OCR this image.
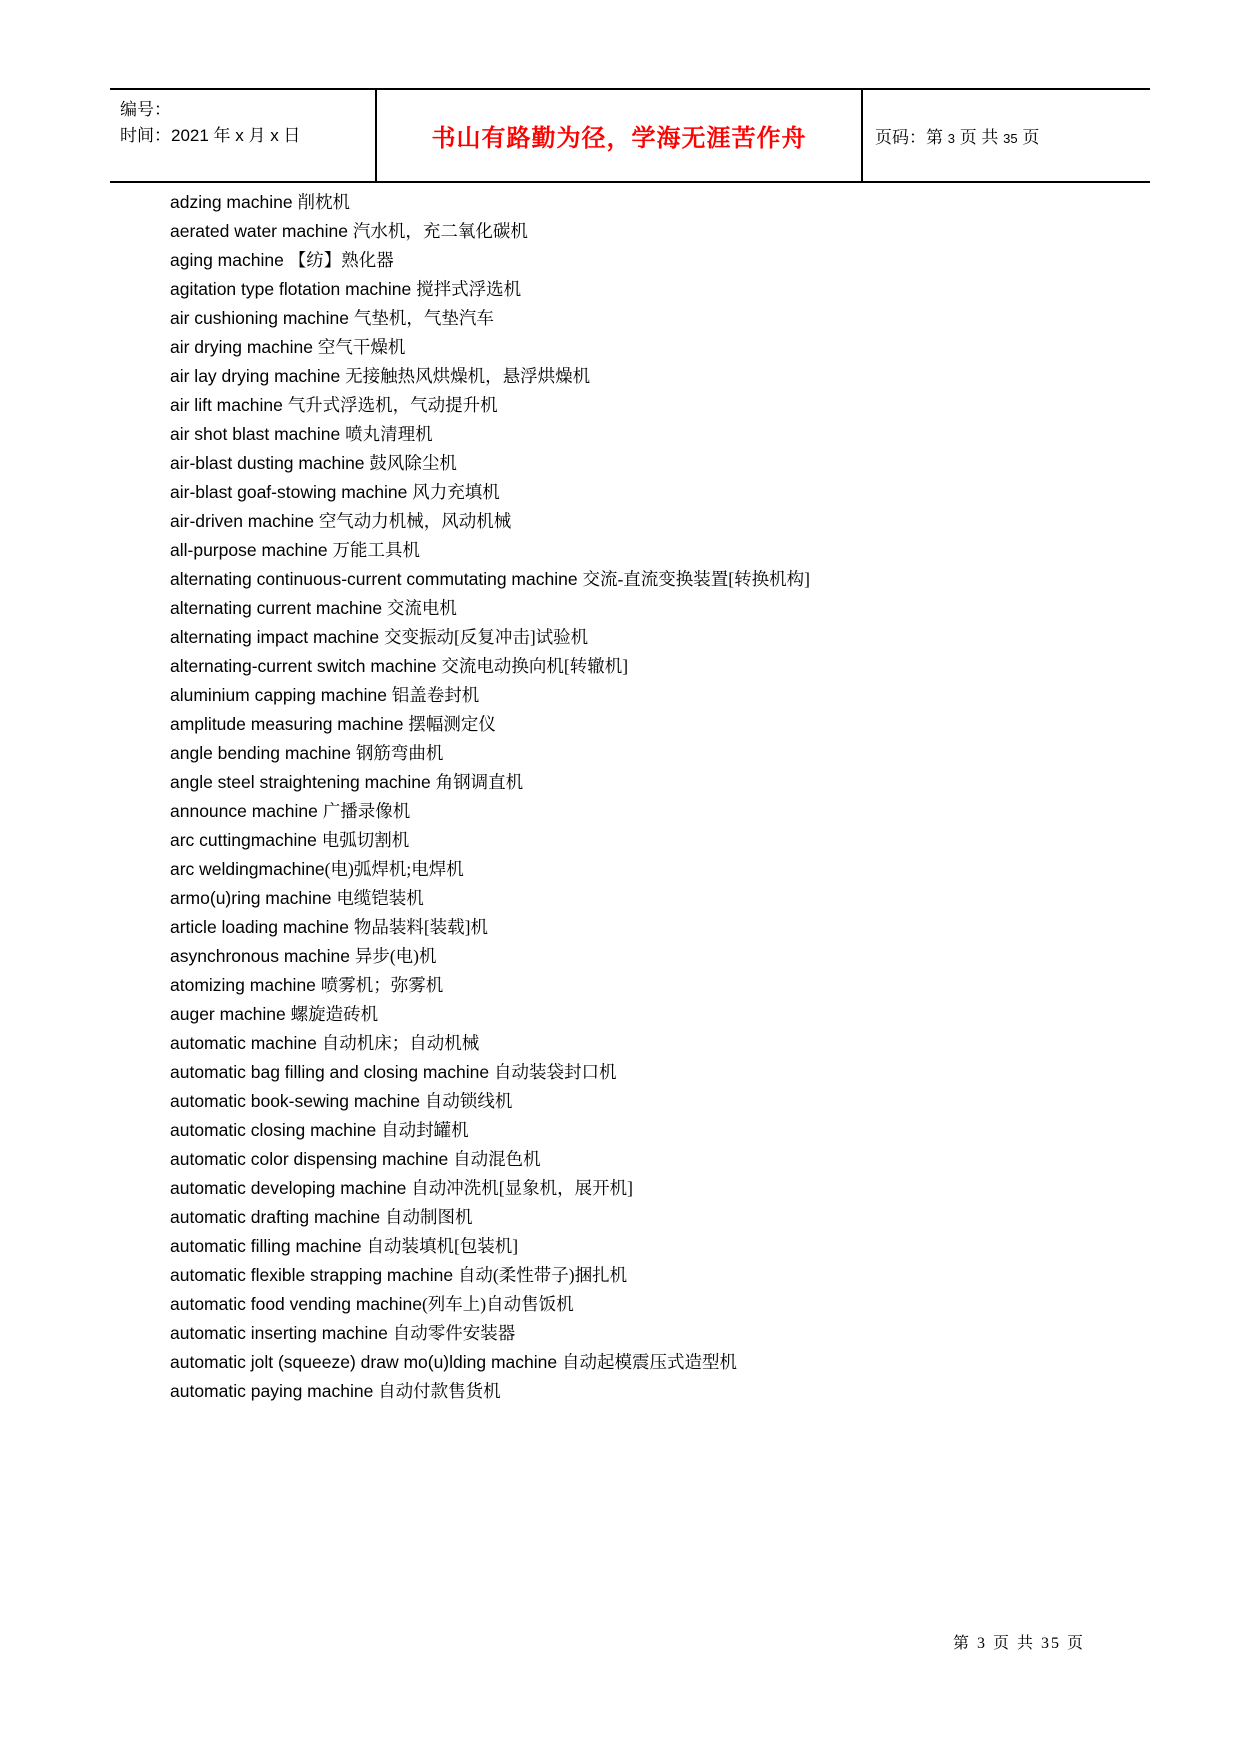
编号：
时间：2021 年 x 月 x 日	书山有路勤为径，学海无涯苦作舟	页码：第 3 页 共 35 页
adzing machine 削枕机
aerated water machine 汽水机，充二氧化碳机
aging machine 【纺】熟化器
agitation type flotation machine 搅拌式浮选机
air cushioning machine 气垫机，气垫汽车
air drying machine 空气干燥机
air lay drying machine 无接触热风烘燥机，悬浮烘燥机
air lift machine 气升式浮选机，气动提升机
air shot blast machine 喷丸清理机
air-blast dusting machine 鼓风除尘机
air-blast goaf-stowing machine 风力充填机
air-driven machine 空气动力机械，风动机械
all-purpose machine 万能工具机
alternating continuous-current commutating machine 交流-直流变换装置[转换机构]
alternating current machine 交流电机
alternating impact machine 交变振动[反复冲击]试验机
alternating-current switch machine 交流电动换向机[转辙机]
aluminium capping machine 铝盖卷封机
amplitude measuring machine 摆幅测定仪
angle bending machine 钢筋弯曲机
angle steel straightening machine 角钢调直机
announce machine 广播录像机
arc cuttingmachine 电弧切割机
arc weldingmachine(电)弧焊机;电焊机
armo(u)ring machine 电缆铠装机
article loading machine 物品装料[装载]机
asynchronous machine 异步(电)机
atomizing machine 喷雾机；弥雾机
auger machine 螺旋造砖机
automatic machine 自动机床；自动机械
automatic bag filling and closing machine 自动装袋封口机
automatic book-sewing machine 自动锁线机
automatic closing machine 自动封罐机
automatic color dispensing machine 自动混色机
automatic developing machine 自动冲洗机[显象机，展开机]
automatic drafting machine 自动制图机
automatic filling machine 自动装填机[包装机]
automatic flexible strapping machine 自动(柔性带子)捆扎机
automatic food vending machine(列车上)自动售饭机
automatic inserting machine 自动零件安装器
automatic jolt (squeeze) draw mo(u)lding machine 自动起模震压式造型机
automatic paying machine 自动付款售货机
第 3 页 共 35 页
